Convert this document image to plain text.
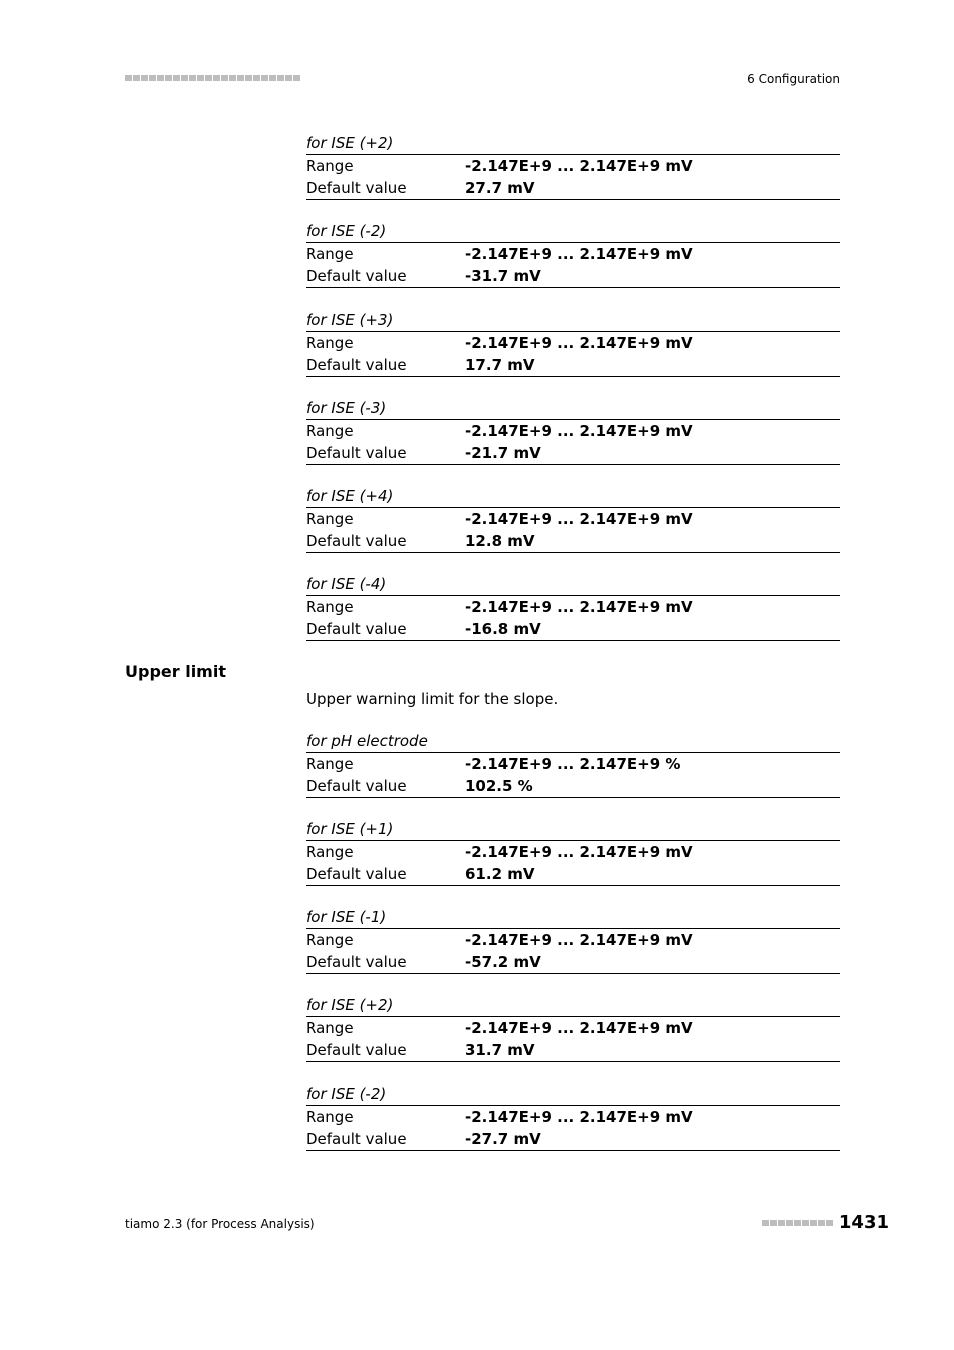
6 Configuration
for ISE (+2)
Range	-2.147E+9 ... 2.147E+9 mV
Default value	27.7 mV
for ISE (-2)
Range	-2.147E+9 ... 2.147E+9 mV
Default value	-31.7 mV
for ISE (+3)
Range	-2.147E+9 ... 2.147E+9 mV
Default value	17.7 mV
for ISE (-3)
Range	-2.147E+9 ... 2.147E+9 mV
Default value	-21.7 mV
for ISE (+4)
Range	-2.147E+9 ... 2.147E+9 mV
Default value	12.8 mV
for ISE (-4)
Range	-2.147E+9 ... 2.147E+9 mV
Default value	-16.8 mV
Upper limit
Upper warning limit for the slope.
for pH electrode
Range	-2.147E+9 ... 2.147E+9 %
Default value	102.5 %
for ISE (+1)
Range	-2.147E+9 ... 2.147E+9 mV
Default value	61.2 mV
for ISE (-1)
Range	-2.147E+9 ... 2.147E+9 mV
Default value	-57.2 mV
for ISE (+2)
Range	-2.147E+9 ... 2.147E+9 mV
Default value	31.7 mV
for ISE (-2)
Range	-2.147E+9 ... 2.147E+9 mV
Default value	-27.7 mV
tiamo 2.3 (for Process Analysis)	1431
